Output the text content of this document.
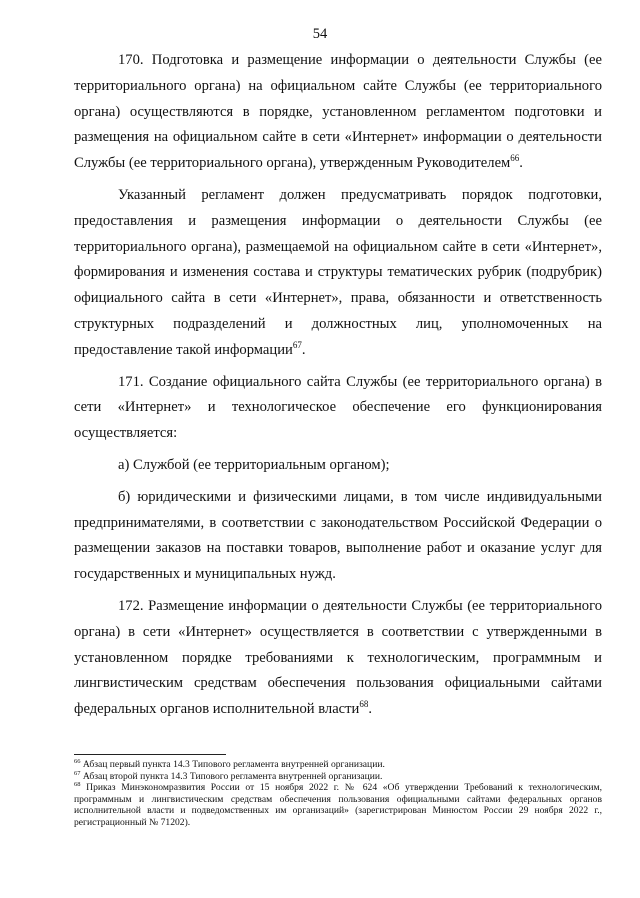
54

170. Подготовка и размещение информации о деятельности Службы (ее территориального органа) на официальном сайте Службы (ее территориального органа) осуществляются в порядке, установленном регламентом подготовки и размещения на официальном сайте в сети «Интернет» информации о деятельности Службы (ее территориального органа), утвержденным Руководителем$^{66}$.

Указанный регламент должен предусматривать порядок подготовки, предоставления и размещения информации о деятельности Службы (ее территориального органа), размещаемой на официальном сайте в сети «Интернет», формирования и изменения состава и структуры тематических рубрик (подрубрик) официального сайта в сети «Интернет», права, обязанности и ответственность структурных подразделений и должностных лиц, уполномоченных на предоставление такой информации$^{67}$.

171. Создание официального сайта Службы (ее территориального органа) в сети «Интернет» и технологическое обеспечение его функционирования осуществляется:

а) Службой (ее территориальным органом);

б) юридическими и физическими лицами, в том числе индивидуальными предпринимателями, в соответствии с законодательством Российской Федерации о размещении заказов на поставки товаров, выполнение работ и оказание услуг для государственных и муниципальных нужд.

172. Размещение информации о деятельности Службы (ее территориального органа) в сети «Интернет» осуществляется в соответствии с утвержденными в установленном порядке требованиями к технологическим, программным и лингвистическим средствам обеспечения пользования официальными сайтами федеральных органов исполнительной власти$^{68}$.

$^{66}$ Абзац первый пункта 14.3 Типового регламента внутренней организации.

$^{67}$ Абзац второй пункта 14.3 Типового регламента внутренней организации.

$^{68}$ Приказ Минэкономразвития России от 15 ноября 2022 г. № 624 «Об утверждении Требований к технологическим, программным и лингвистическим средствам обеспечения пользования официальными сайтами федеральных органов исполнительной власти и подведомственных им организаций» (зарегистрирован Минюстом России 29 ноября 2022 г., регистрационный № 71202).
